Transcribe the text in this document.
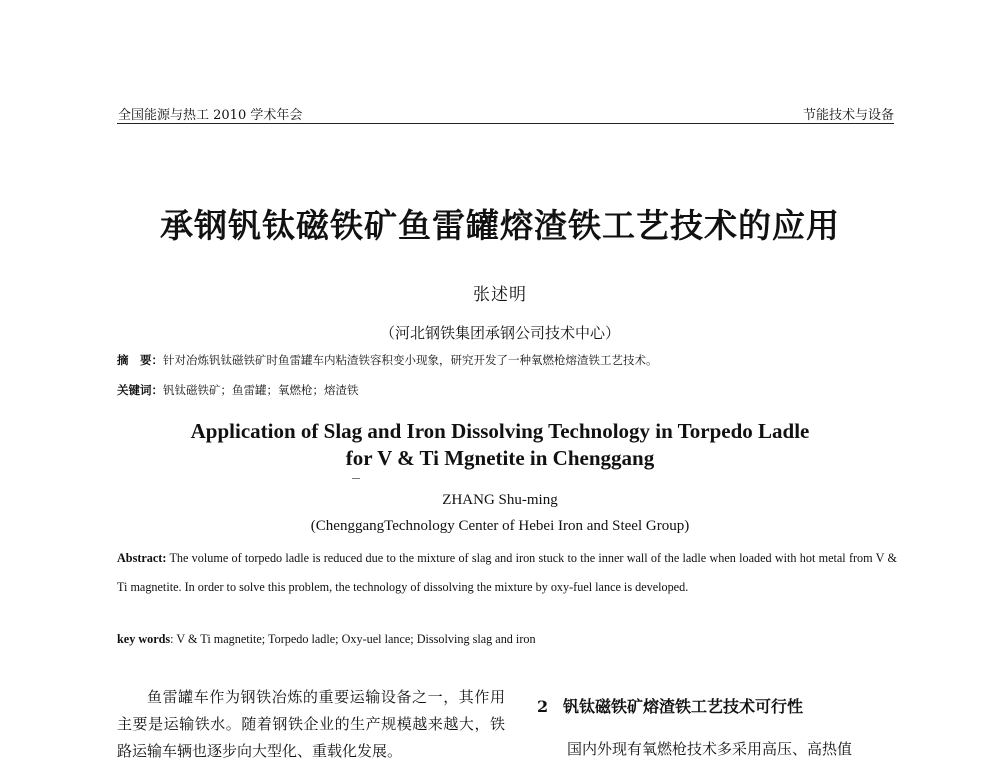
全国能源与热工 2010 学术年会	节能技术与设备
承钢钒钛磁铁矿鱼雷罐熔渣铁工艺技术的应用
张述明
（河北钢铁集团承钢公司技术中心）
摘　要：针对冶炼钒钛磁铁矿时鱼雷罐车内粘渣铁容积变小现象，研究开发了一种氧燃枪熔渣铁工艺技术。
关键词：钒钛磁铁矿；鱼雷罐；氧燃枪；熔渣铁
Application of Slag and Iron Dissolving Technology in Torpedo Ladle
for V & Ti Mgnetite in Chenggang
ZHANG Shu-ming
(ChenggangTechnology Center of Hebei Iron and Steel Group)

Abstract: The volume of torpedo ladle is reduced due to the mixture of slag and iron stuck to the inner wall of the ladle when loaded with hot metal from V & Ti magnetite. In order to solve this problem, the technology of dissolving the mixture by oxy-fuel lance is developed.

key words: V & Ti magnetite; Torpedo ladle; Oxy-uel lance; Dissolving slag and iron

鱼雷罐车作为钢铁冶炼的重要运输设备之一，其作用主要是运输铁水。随着钢铁企业的生产规模越来越大，铁路运输车辆也逐步向大型化、重载化发展。

2 钒钛磁铁矿熔渣铁工艺技术可行性

国内外现有氧燃枪技术多采用高压、高热值
